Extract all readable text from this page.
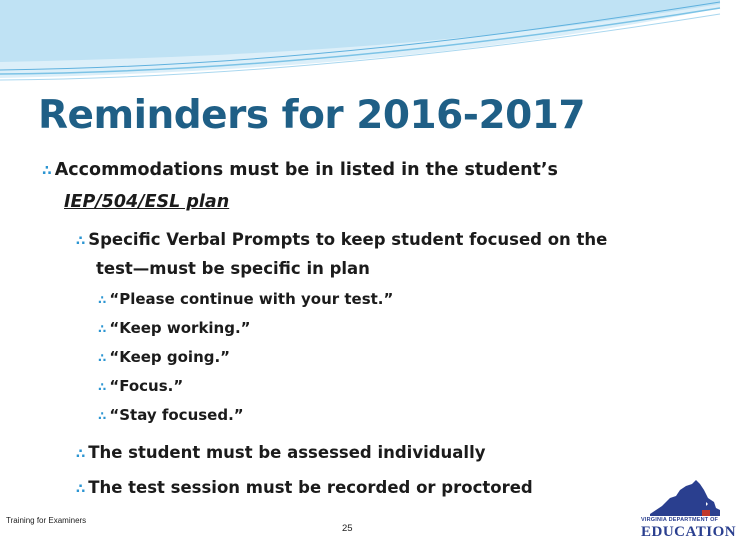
Reminders for 2016-2017
∴ Accommodations must be in listed in the student’s
IEP/504/ESL plan
∴ Specific Verbal Prompts to keep student focused on the
test—must be specific in plan
∴ “Please continue with your test.”
∴ “Keep working.”
∴ “Keep going.”
∴ “Focus.”
∴ “Stay focused.”
∴ The student must be assessed individually
∴ The test session must be recorded or proctored
Training for Examiners
25
VIRGINIA DEPARTMENT OF
EDUCATION
